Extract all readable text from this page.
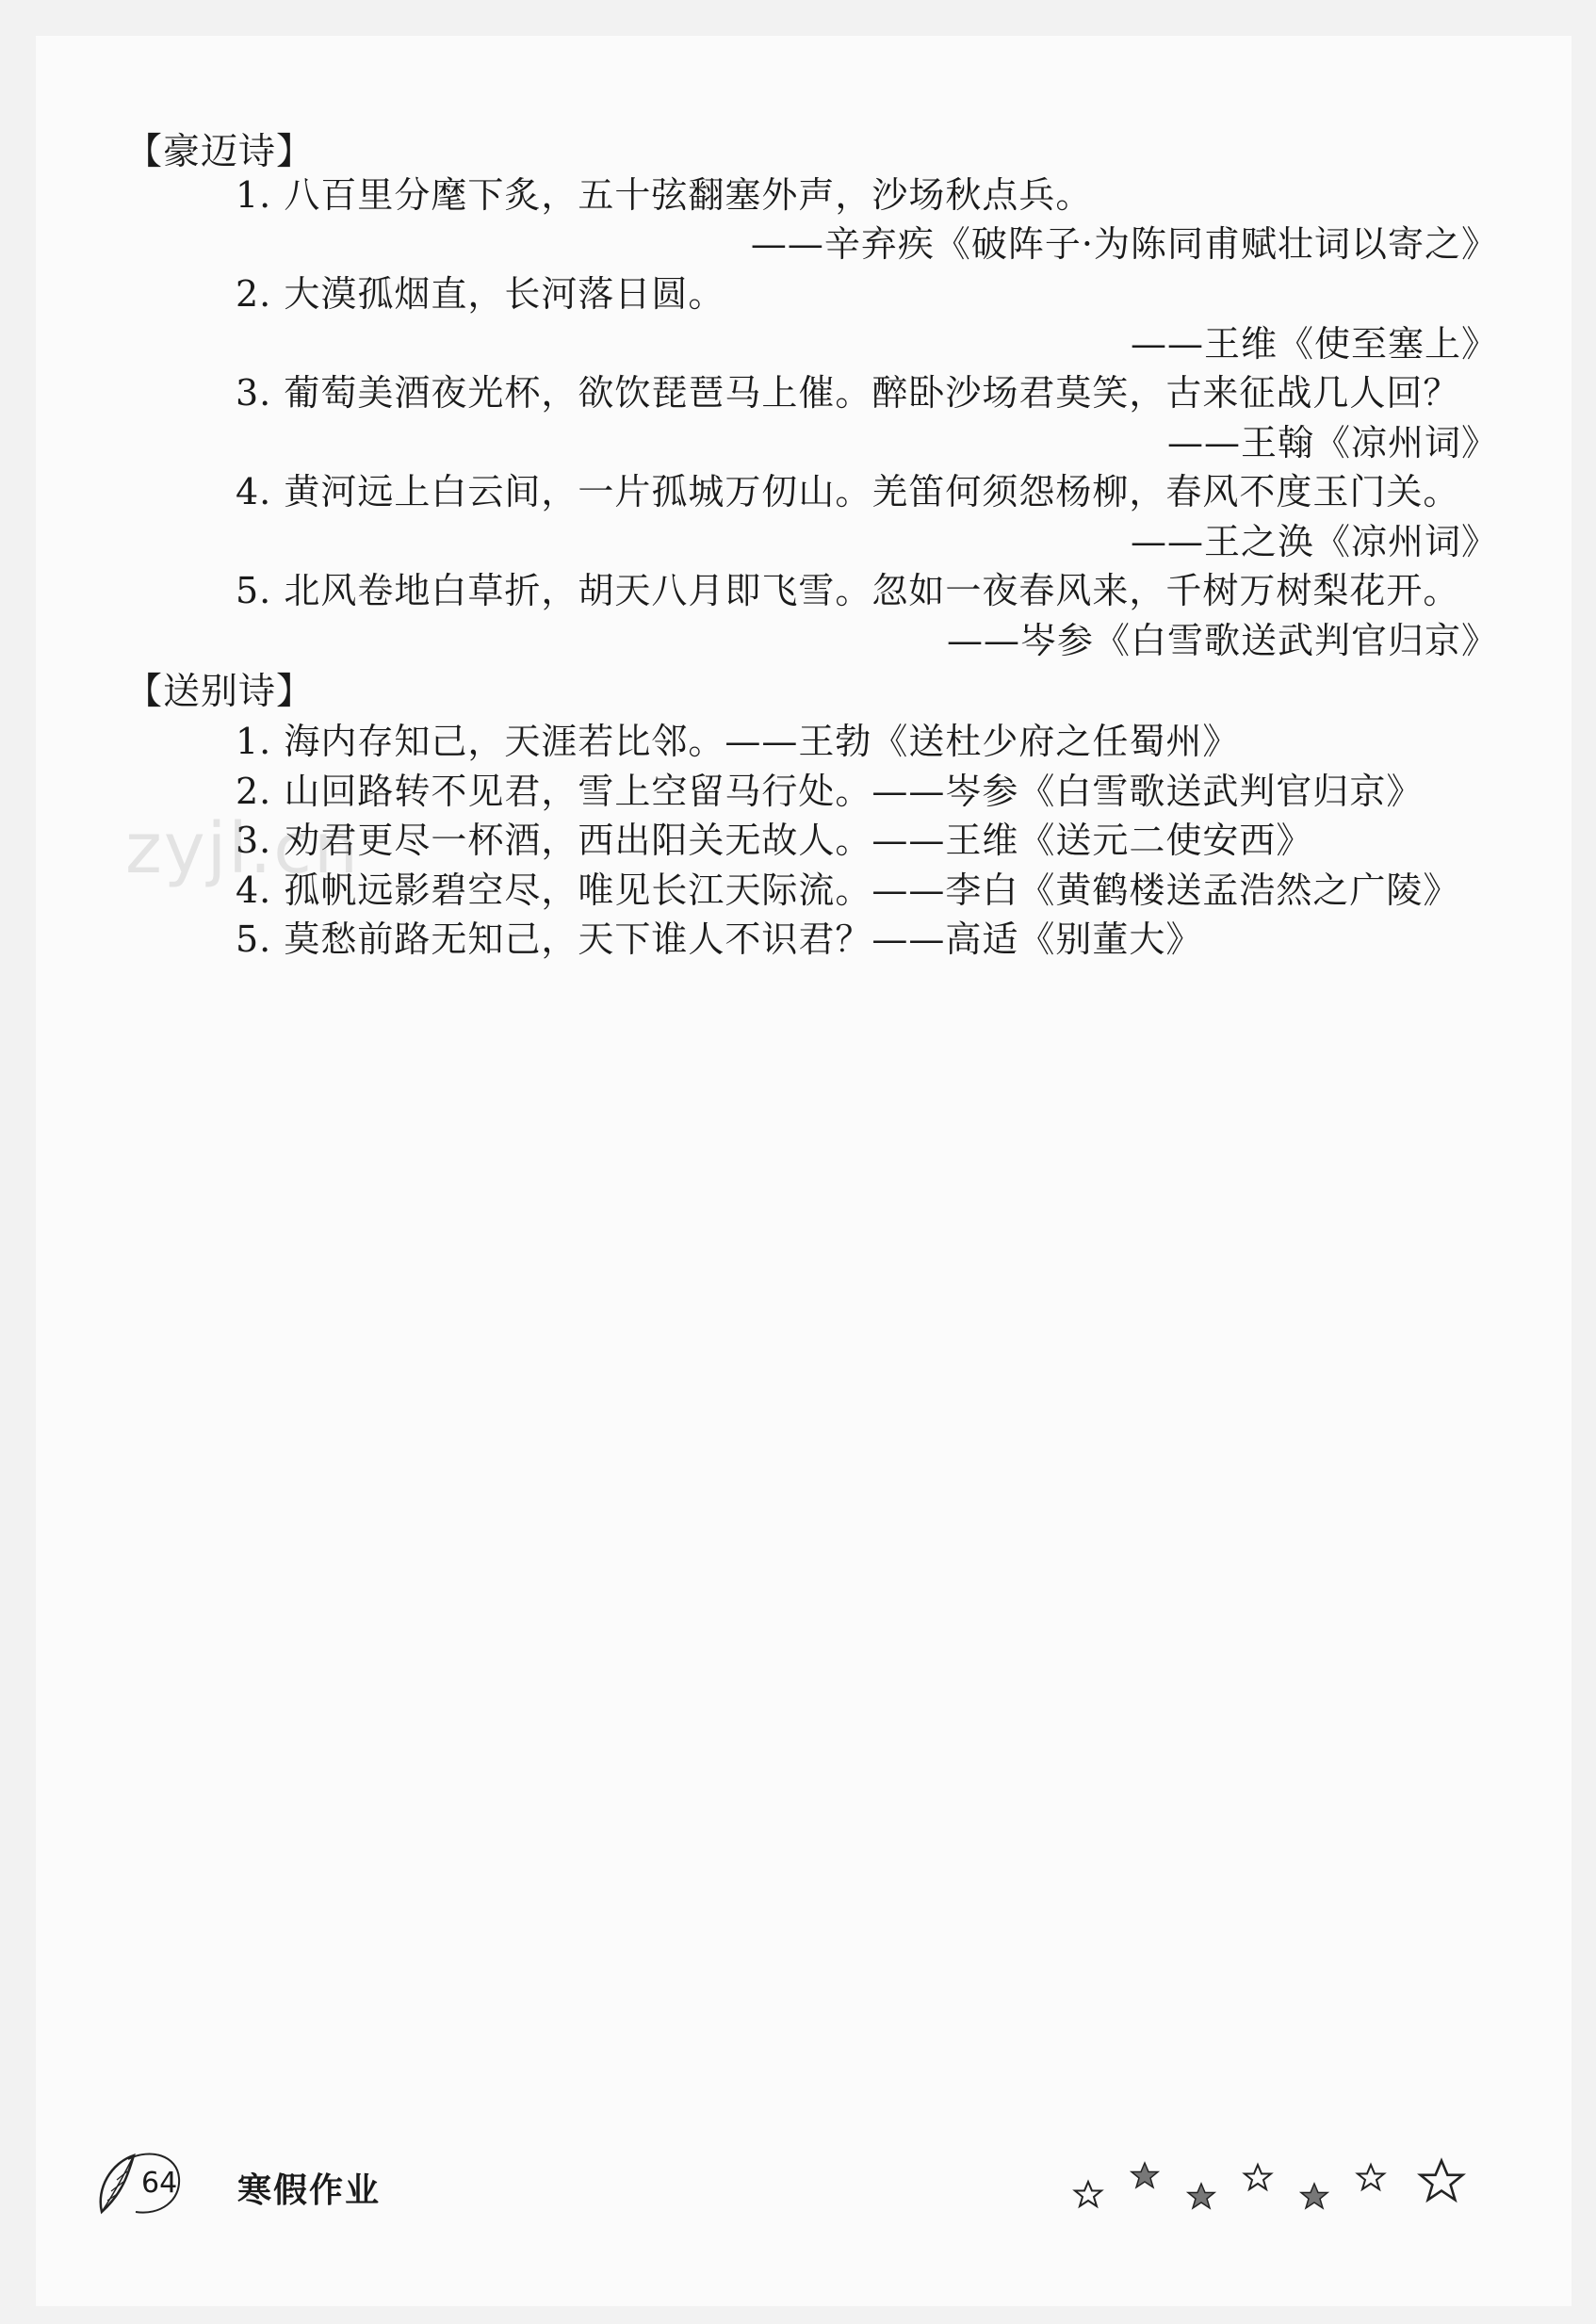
【豪迈诗】
1. 八百里分麾下炙，五十弦翻塞外声，沙场秋点兵。
——辛弃疾《破阵子·为陈同甫赋壮词以寄之》
2. 大漠孤烟直，长河落日圆。
——王维《使至塞上》
3. 葡萄美酒夜光杯，欲饮琵琶马上催。醉卧沙场君莫笑，古来征战几人回？
——王翰《凉州词》
4. 黄河远上白云间，一片孤城万仞山。羌笛何须怨杨柳，春风不度玉门关。
——王之涣《凉州词》
5. 北风卷地白草折，胡天八月即飞雪。忽如一夜春风来，千树万树梨花开。
——岑参《白雪歌送武判官归京》
【送别诗】
1. 海内存知己，天涯若比邻。——王勃《送杜少府之任蜀州》
2. 山回路转不见君，雪上空留马行处。——岑参《白雪歌送武判官归京》
3. 劝君更尽一杯酒，西出阳关无故人。——王维《送元二使安西》
4. 孤帆远影碧空尽，唯见长江天际流。——李白《黄鹤楼送孟浩然之广陵》
5. 莫愁前路无知己，天下谁人不识君？——高适《别董大》
zyjl.cn
64 寒假作业
